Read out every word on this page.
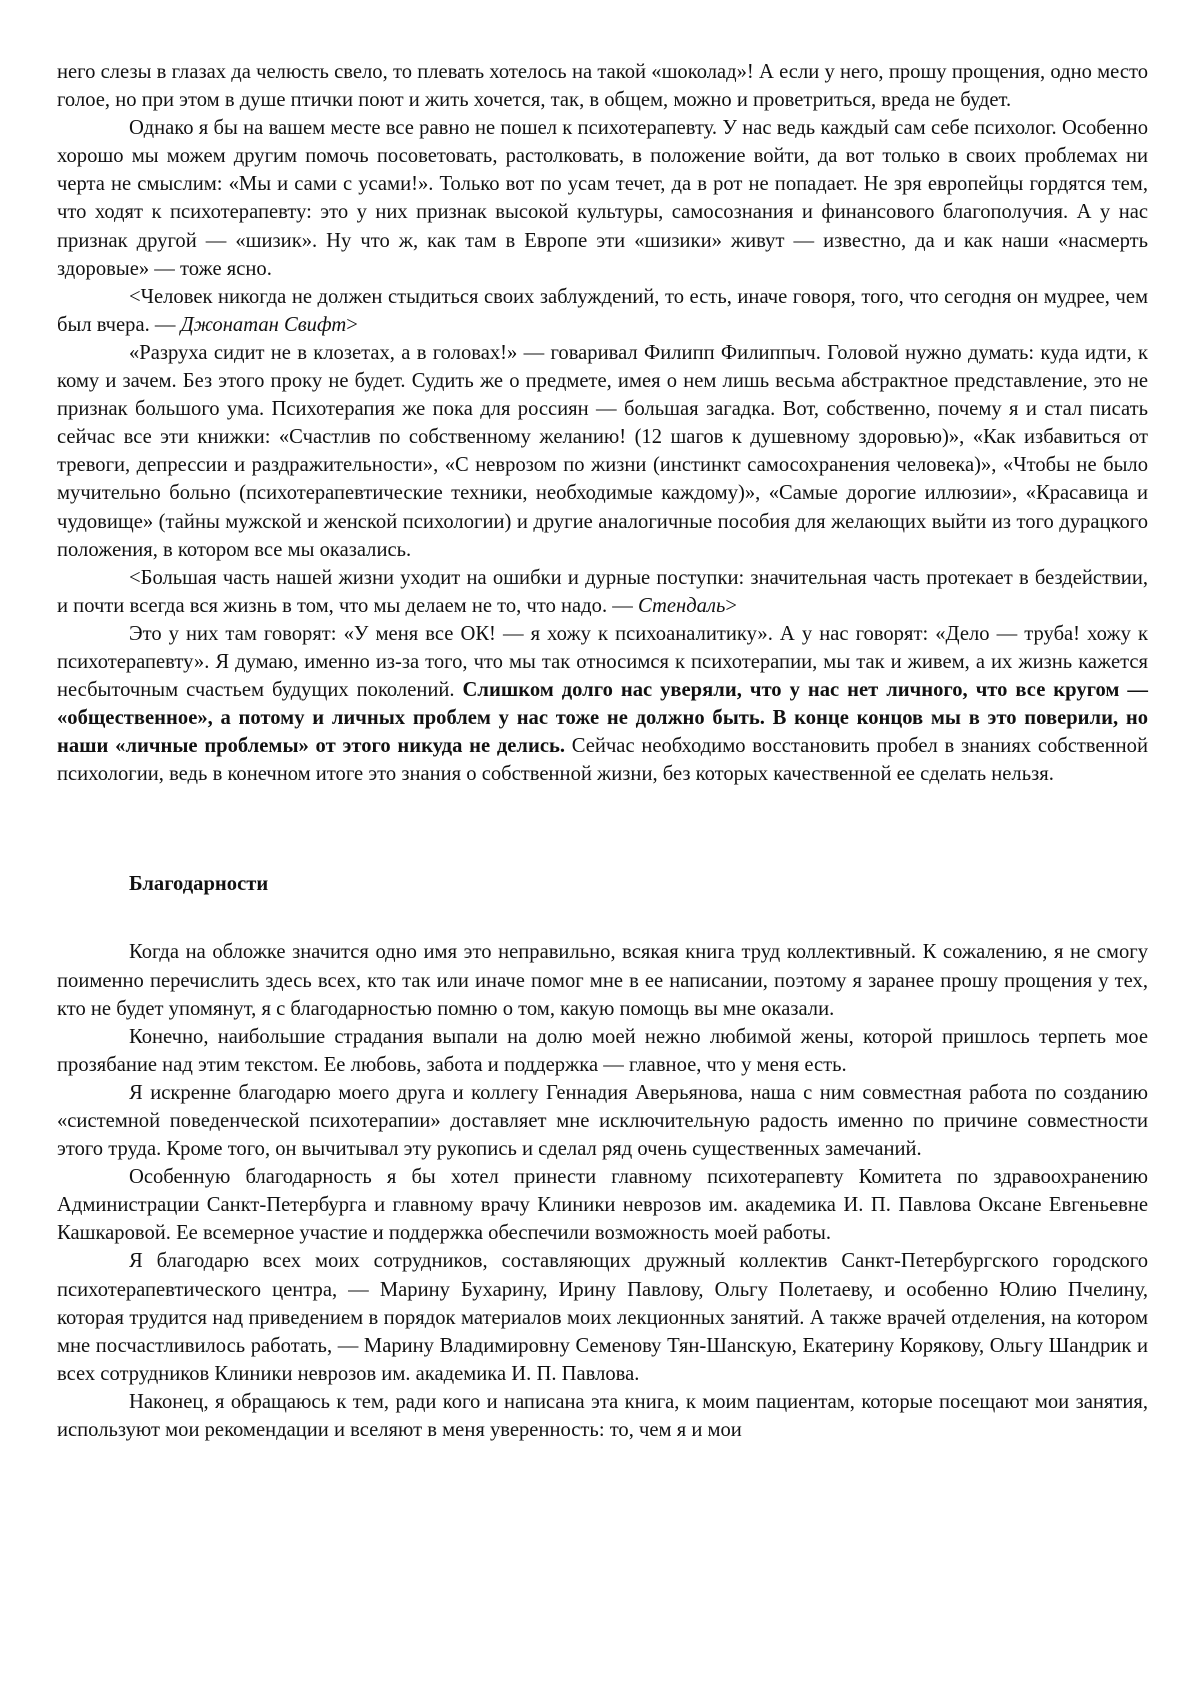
него слезы в глазах да челюсть свело, то плевать хотелось на такой «шоколад»! А если у него, прошу прощения, одно место голое, но при этом в душе птички поют и жить хочется, так, в общем, можно и проветриться, вреда не будет.

Однако я бы на вашем месте все равно не пошел к психотерапевту. У нас ведь каждый сам себе психолог. Особенно хорошо мы можем другим помочь посоветовать, растолковать, в положение войти, да вот только в своих проблемах ни черта не смыслим: «Мы и сами с усами!». Только вот по усам течет, да в рот не попадает. Не зря европейцы гордятся тем, что ходят к психотерапевту: это у них признак высокой культуры, самосознания и финансового благополучия. А у нас признак другой — «шизик». Ну что ж, как там в Европе эти «шизики» живут — известно, да и как наши «насмерть здоровые» — тоже ясно.

<Человек никогда не должен стыдиться своих заблуждений, то есть, иначе говоря, того, что сегодня он мудрее, чем был вчера. — Джонатан Свифт>

«Разруха сидит не в клозетах, а в головах!» — говаривал Филипп Филиппыч. Головой нужно думать: куда идти, к кому и зачем. Без этого проку не будет. Судить же о предмете, имея о нем лишь весьма абстрактное представление, это не признак большого ума. Психотерапия же пока для россиян — большая загадка. Вот, собственно, почему я и стал писать сейчас все эти книжки: «Счастлив по собственному желанию! (12 шагов к душевному здоровью)», «Как избавиться от тревоги, депрессии и раздражительности», «С неврозом по жизни (инстинкт самосохранения человека)», «Чтобы не было мучительно больно (психотерапевтические техники, необходимые каждому)», «Самые дорогие иллюзии», «Красавица и чудовище» (тайны мужской и женской психологии) и другие аналогичные пособия для желающих выйти из того дурацкого положения, в котором все мы оказались.

<Большая часть нашей жизни уходит на ошибки и дурные поступки: значительная часть протекает в бездействии, и почти всегда вся жизнь в том, что мы делаем не то, что надо. — Стендаль>

Это у них там говорят: «У меня все ОК! — я хожу к психоаналитику». А у нас говорят: «Дело — труба! хожу к психотерапевту». Я думаю, именно из-за того, что мы так относимся к психотерапии, мы так и живем, а их жизнь кажется несбыточным счастьем будущих поколений. Слишком долго нас уверяли, что у нас нет личного, что все кругом — «общественное», а потому и личных проблем у нас тоже не должно быть. В конце концов мы в это поверили, но наши «личные проблемы» от этого никуда не делись. Сейчас необходимо восстановить пробел в знаниях собственной психологии, ведь в конечном итоге это знания о собственной жизни, без которых качественной ее сделать нельзя.

Благодарности

Когда на обложке значится одно имя это неправильно, всякая книга труд коллективный. К сожалению, я не смогу поименно перечислить здесь всех, кто так или иначе помог мне в ее написании, поэтому я заранее прошу прощения у тех, кто не будет упомянут, я с благодарностью помню о том, какую помощь вы мне оказали.

Конечно, наибольшие страдания выпали на долю моей нежно любимой жены, которой пришлось терпеть мое прозябание над этим текстом. Ее любовь, забота и поддержка — главное, что у меня есть.

Я искренне благодарю моего друга и коллегу Геннадия Аверьянова, наша с ним совместная работа по созданию «системной поведенческой психотерапии» доставляет мне исключительную радость именно по причине совместности этого труда. Кроме того, он вычитывал эту рукопись и сделал ряд очень существенных замечаний.

Особенную благодарность я бы хотел принести главному психотерапевту Комитета по здравоохранению Администрации Санкт-Петербурга и главному врачу Клиники неврозов им. академика И. П. Павлова Оксане Евгеньевне Кашкаровой. Ее всемерное участие и поддержка обеспечили возможность моей работы.

Я благодарю всех моих сотрудников, составляющих дружный коллектив Санкт-Петербургского городского психотерапевтического центра, — Марину Бухарину, Ирину Павлову, Ольгу Полетаеву, и особенно Юлию Пчелину, которая трудится над приведением в порядок материалов моих лекционных занятий. А также врачей отделения, на котором мне посчастливилось работать, — Марину Владимировну Семенову Тян-Шанскую, Екатерину Корякову, Ольгу Шандрик и всех сотрудников Клиники неврозов им. академика И. П. Павлова.

Наконец, я обращаюсь к тем, ради кого и написана эта книга, к моим пациентам, которые посещают мои занятия, используют мои рекомендации и вселяют в меня уверенность: то, чем я и мои
